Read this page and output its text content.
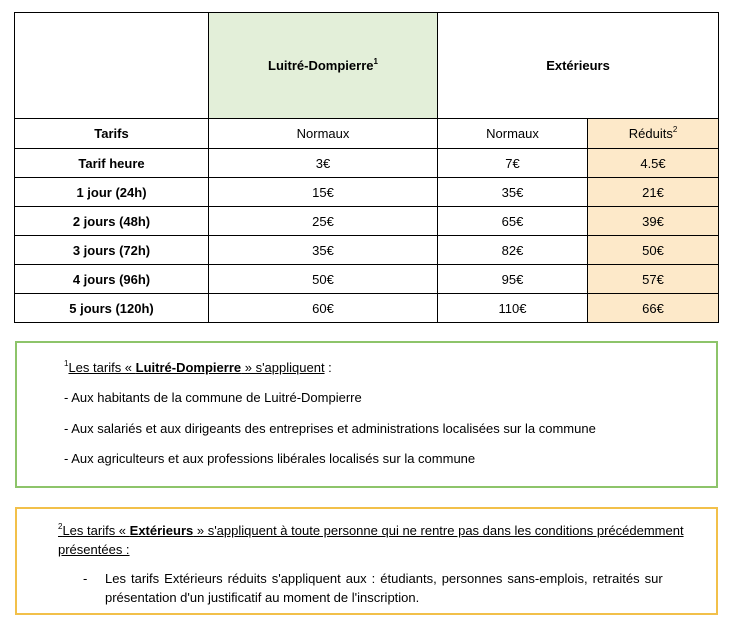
	Luitré-Dompierre$^1$	Extérieurs	
Tarifs	Normaux	Normaux	Réduits$^2$
Tarif heure	3€	7€	4.5€
1 jour (24h)	15€	35€	21€
2 jours (48h)	25€	65€	39€
3 jours (72h)	35€	82€	50€
4 jours (96h)	50€	95€	57€
5 jours (120h)	60€	110€	66€
$^1$Les tarifs « Luitré-Dompierre » s'appliquent :
- Aux habitants de la commune de Luitré-Dompierre
- Aux salariés et aux dirigeants des entreprises et administrations localisées sur la commune
- Aux agriculteurs et aux professions libérales localisés sur la commune
$^2$Les tarifs « Extérieurs » s'appliquent à toute personne qui ne rentre pas dans les conditions précédemment
présentées :
- Les tarifs Extérieurs réduits s'appliquent aux : étudiants, personnes sans-emplois, retraités sur
présentation d'un justificatif au moment de l'inscription.
